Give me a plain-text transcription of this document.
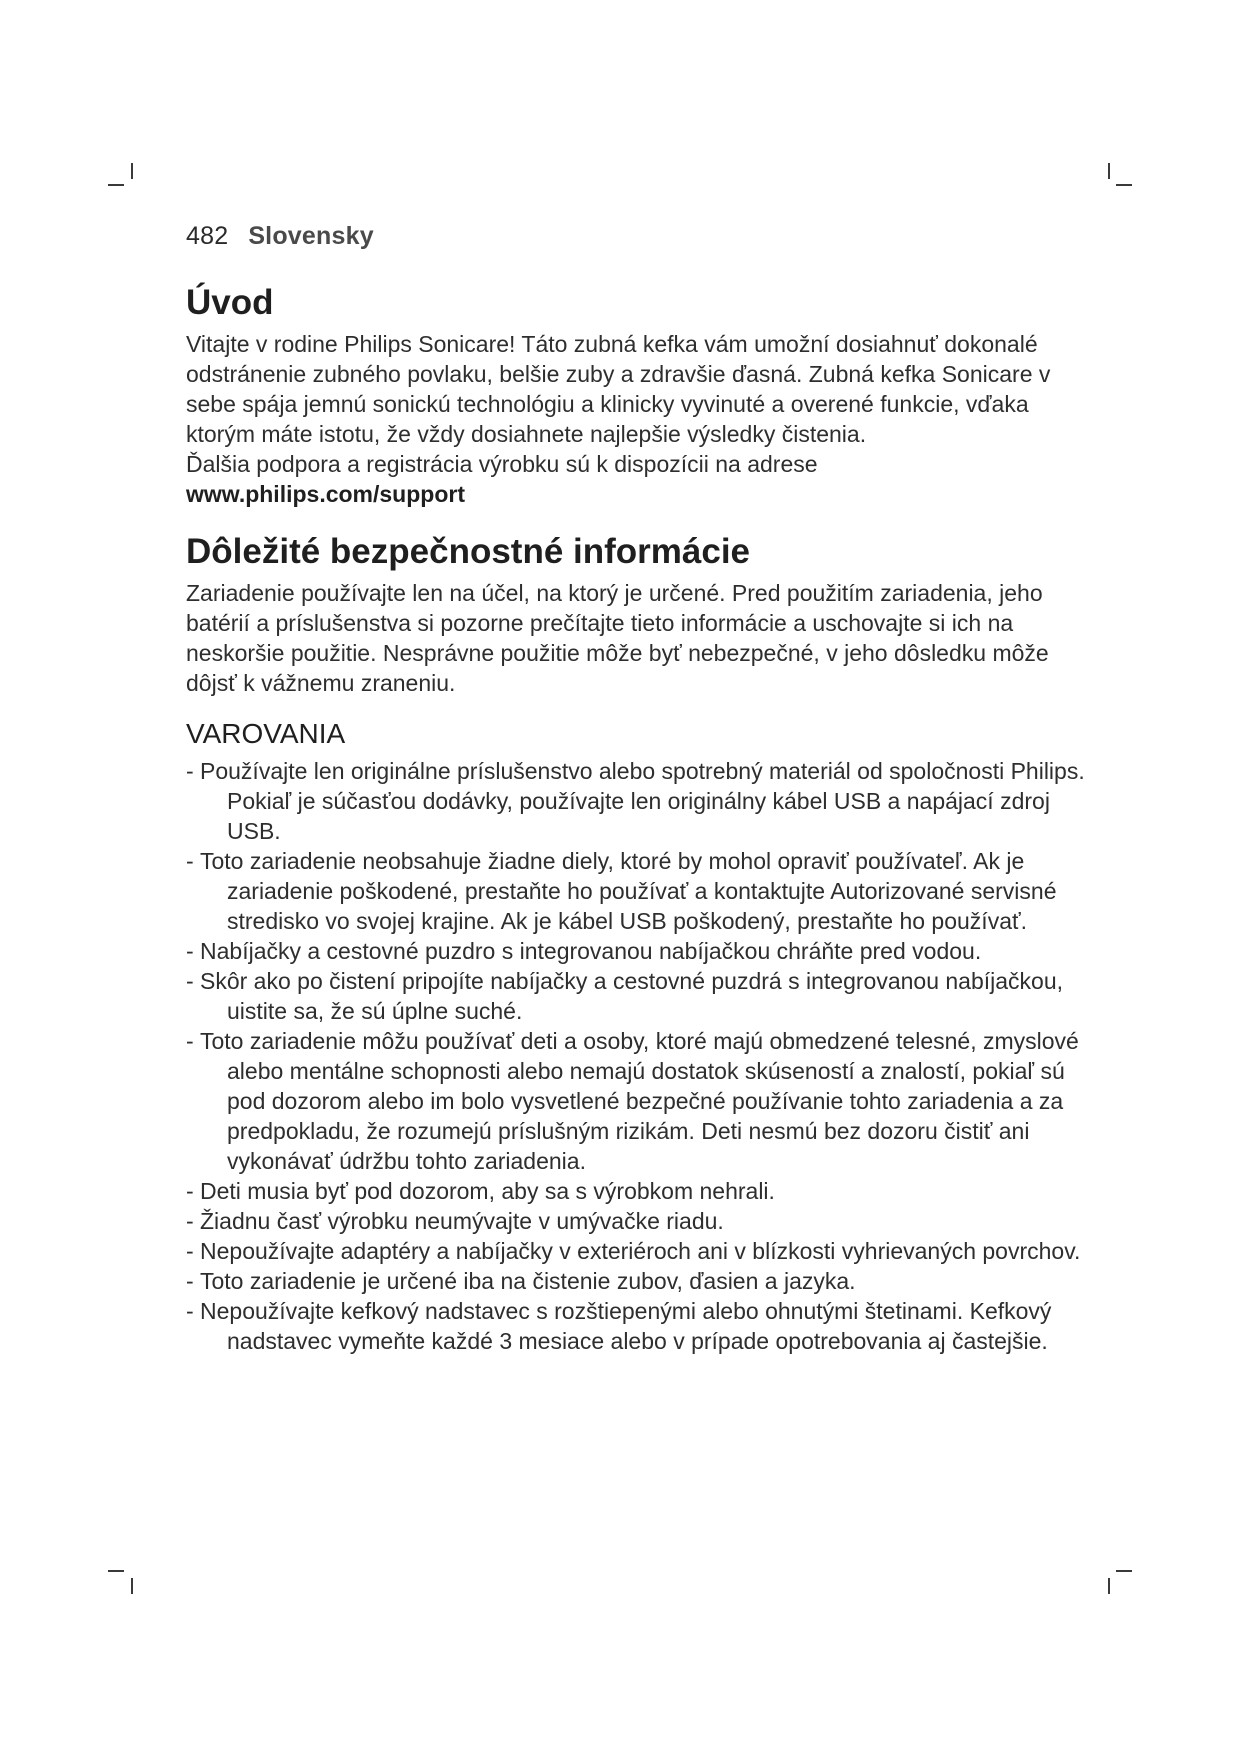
482 Slovensky
Úvod

Vitajte v rodine Philips Sonicare! Táto zubná kefka vám umožní dosiahnuť dokonalé odstránenie zubného povlaku, belšie zuby a zdravšie ďasná. Zubná kefka Sonicare v sebe spája jemnú sonickú technológiu a klinicky vyvinuté a overené funkcie, vďaka ktorým máte istotu, že vždy dosiahnete najlepšie výsledky čistenia.

Ďalšia podpora a registrácia výrobku sú k dispozícii na adrese

www.philips.com/support

Dôležité bezpečnostné informácie

Zariadenie používajte len na účel, na ktorý je určené. Pred použitím zariadenia, jeho batérií a príslušenstva si pozorne prečítajte tieto informácie a uschovajte si ich na neskoršie použitie. Nesprávne použitie môže byť nebezpečné, v jeho dôsledku môže dôjsť k vážnemu zraneniu.

VAROVANIA
- Používajte len originálne príslušenstvo alebo spotrebný materiál od spoločnosti Philips. Pokiaľ je súčasťou dodávky, používajte len originálny kábel USB a napájací zdroj USB.
- Toto zariadenie neobsahuje žiadne diely, ktoré by mohol opraviť používateľ. Ak je zariadenie poškodené, prestaňte ho používať a kontaktujte Autorizované servisné stredisko vo svojej krajine. Ak je kábel USB poškodený, prestaňte ho používať.
- Nabíjačky a cestovné puzdro s integrovanou nabíjačkou chráňte pred vodou.
- Skôr ako po čistení pripojíte nabíjačky a cestovné puzdrá s integrovanou nabíjačkou, uistite sa, že sú úplne suché.
- Toto zariadenie môžu používať deti a osoby, ktoré majú obmedzené telesné, zmyslové alebo mentálne schopnosti alebo nemajú dostatok skúseností a znalostí, pokiaľ sú pod dozorom alebo im bolo vysvetlené bezpečné používanie tohto zariadenia a za predpokladu, že rozumejú príslušným rizikám. Deti nesmú bez dozoru čistiť ani vykonávať údržbu tohto zariadenia.
- Deti musia byť pod dozorom, aby sa s výrobkom nehrali.
- Žiadnu časť výrobku neumývajte v umývačke riadu.
- Nepoužívajte adaptéry a nabíjačky v exteriéroch ani v blízkosti vyhrievaných povrchov.
- Toto zariadenie je určené iba na čistenie zubov, ďasien a jazyka.
- Nepoužívajte kefkový nadstavec s rozštiepenými alebo ohnutými štetinami. Kefkový nadstavec vymeňte každé 3 mesiace alebo v prípade opotrebovania aj častejšie.
